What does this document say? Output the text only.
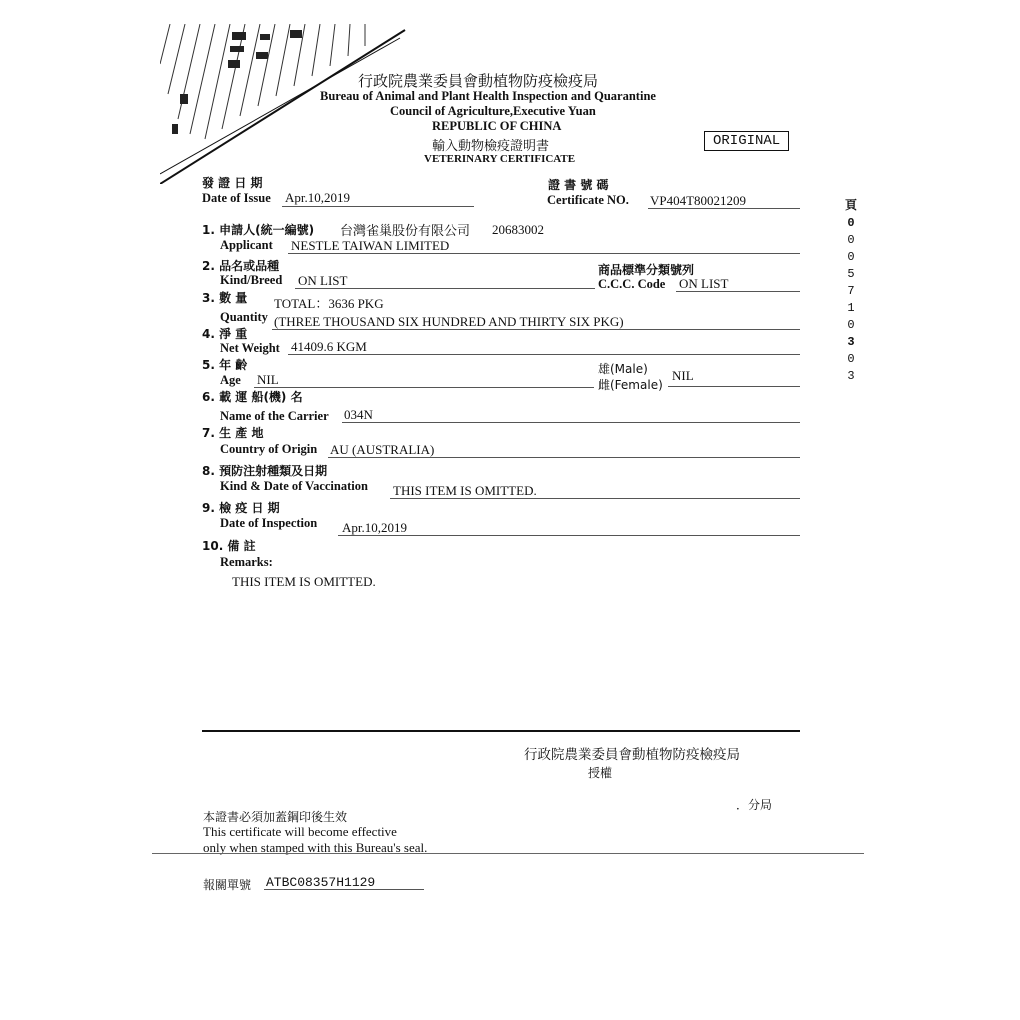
行政院農業委員會動植物防疫檢疫局
Bureau of Animal and Plant Health Inspection and Quarantine
Council of Agriculture,Executive Yuan
REPUBLIC OF CHINA
輸入動物檢疫證明書
VETERINARY CERTIFICATE
ORIGINAL
發 證 日 期
Date of Issue Apr.10,2019
證 書 號 碼
Certificate NO. VP404T80021209
1. 申請人(統一編號) 台灣雀巢股份有限公司 20683002
Applicant NESTLE TAIWAN LIMITED
2. 品名或品種
Kind/Breed ON LIST
商品標準分類號列
C.C.C. Code ON LIST
3. 數 量 TOTAL：3636 PKG
Quantity (THREE THOUSAND SIX HUNDRED AND THIRTY SIX PKG)
4. 淨 重
Net Weight 41409.6 KGM
5. 年 齡
Age NIL
雄(Male)
雌(Female)
NIL
6. 載 運 船(機) 名
Name of the Carrier 034N
7. 生 產 地
Country of Origin AU (AUSTRALIA)
8. 預防注射種類及日期
Kind & Date of Vaccination THIS ITEM IS OMITTED.
9. 檢 疫 日 期
Date of Inspection Apr.10,2019
10. 備 註
Remarks:
THIS ITEM IS OMITTED.
行政院農業委員會動植物防疫檢疫局
授權
．分局
本證書必須加蓋鋼印後生效
This certificate will become effective
only when stamped with this Bureau's seal.
報關單號 ATBC08357H1129
頁
0
0
0
5
7
1
0
3
0
3
